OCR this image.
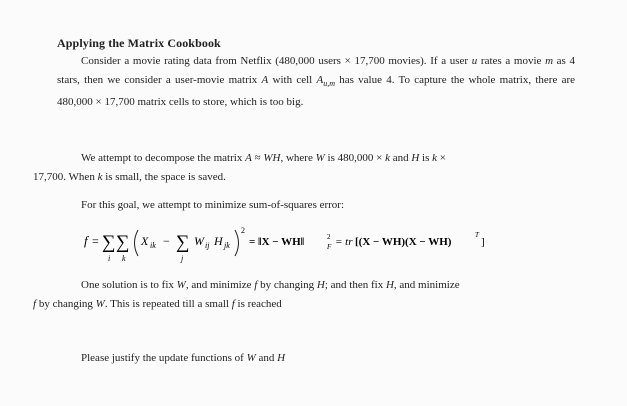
Applying the Matrix Cookbook
Consider a movie rating data from Netflix (480,000 users × 17,700 movies). If a user u rates a movie m as 4 stars, then we consider a user-movie matrix A with cell $A_{u,m}$ has value 4. To capture the whole matrix, there are 480,000 × 17,700 matrix cells to store, which is too big.
We attempt to decompose the matrix A ≈ WH, where W is 480,000 × k and H is k ×
17,700. When k is small, the space is saved.
For this goal, we attempt to minimize sum-of-squares error:
f = ∑ ∑
i k
X ik − ∑
j
W ij H jk
2
= ‖X − WH‖	2
F = tr [(X − WH)(X − WH)
T
]
One solution is to fix W, and minimize f by changing H; and then fix H, and minimize
f by changing W. This is repeated till a small f is reached
Please justify the update functions of W and H
